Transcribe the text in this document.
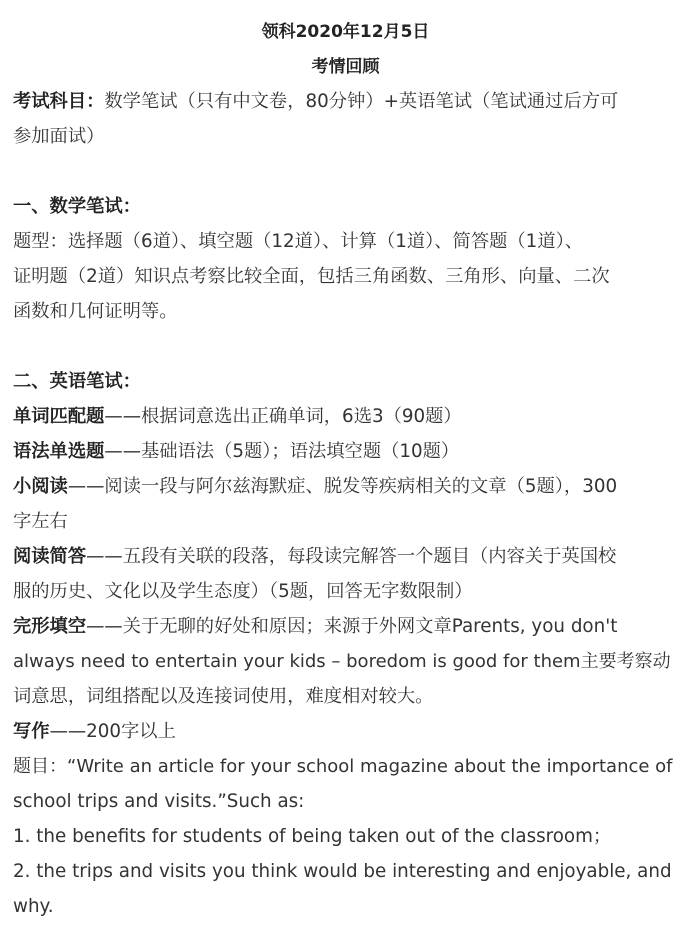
领科2020年12月5日
考情回顾
考试科目：数学笔试（只有中文卷，80分钟）+英语笔试（笔试通过后方可
参加面试）
一、数学笔试：
题型：选择题（6道）、填空题（12道）、计算（1道）、简答题（1道）、
证明题（2道）知识点考察比较全面，包括三角函数、三角形、向量、二次
函数和几何证明等。
二、英语笔试：
单词匹配题——根据词意选出正确单词，6选3（90题）
语法单选题——基础语法（5题）；语法填空题（10题）
小阅读——阅读一段与阿尔兹海默症、脱发等疾病相关的文章（5题），300
字左右
阅读简答——五段有关联的段落，每段读完解答一个题目（内容关于英国校
服的历史、文化以及学生态度）（5题，回答无字数限制）
完形填空——关于无聊的好处和原因；来源于外网文章Parents, you don't
always need to entertain your kids – boredom is good for them主要考察动
词意思，词组搭配以及连接词使用，难度相对较大。
写作——200字以上
题目：“Write an article for your school magazine about the importance of
school trips and visits.”Such as:
1. the benefits for students of being taken out of the classroom；
2. the trips and visits you think would be interesting and enjoyable, and
why.
